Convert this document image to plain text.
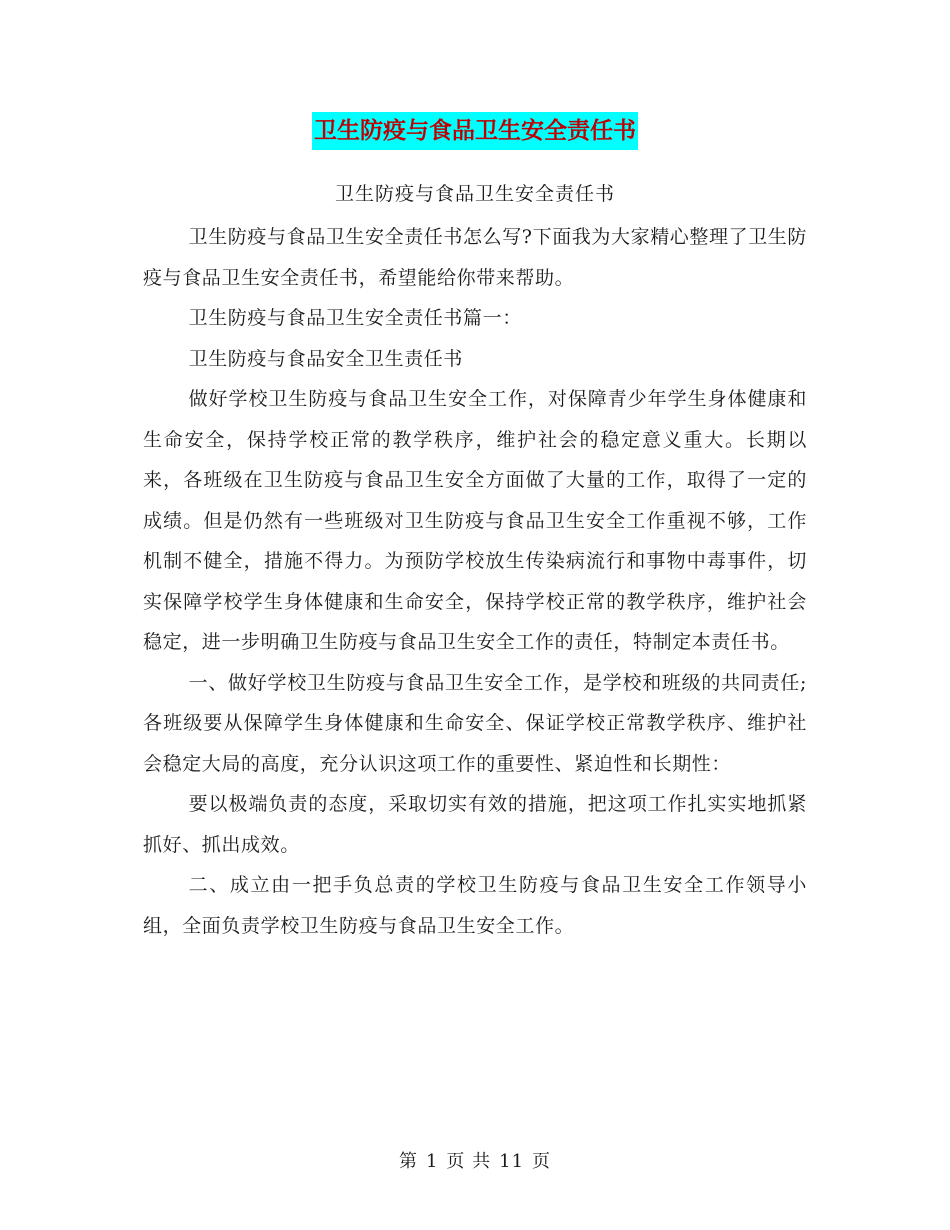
卫生防疫与食品卫生安全责任书
卫生防疫与食品卫生安全责任书

卫生防疫与食品卫生安全责任书怎么写?下面我为大家精心整理了卫生防疫与食品卫生安全责任书，希望能给你带来帮助。

卫生防疫与食品卫生安全责任书篇一：

卫生防疫与食品安全卫生责任书

做好学校卫生防疫与食品卫生安全工作，对保障青少年学生身体健康和生命安全，保持学校正常的教学秩序，维护社会的稳定意义重大。长期以来，各班级在卫生防疫与食品卫生安全方面做了大量的工作，取得了一定的成绩。但是仍然有一些班级对卫生防疫与食品卫生安全工作重视不够，工作机制不健全，措施不得力。为预防学校放生传染病流行和事物中毒事件，切实保障学校学生身体健康和生命安全，保持学校正常的教学秩序，维护社会稳定，进一步明确卫生防疫与食品卫生安全工作的责任，特制定本责任书。

一、做好学校卫生防疫与食品卫生安全工作，是学校和班级的共同责任;各班级要从保障学生身体健康和生命安全、保证学校正常教学秩序、维护社会稳定大局的高度，充分认识这项工作的重要性、紧迫性和长期性：

要以极端负责的态度，采取切实有效的措施，把这项工作扎实实地抓紧抓好、抓出成效。

二、成立由一把手负总责的学校卫生防疫与食品卫生安全工作领导小组，全面负责学校卫生防疫与食品卫生安全工作。

第 1 页 共 11 页
